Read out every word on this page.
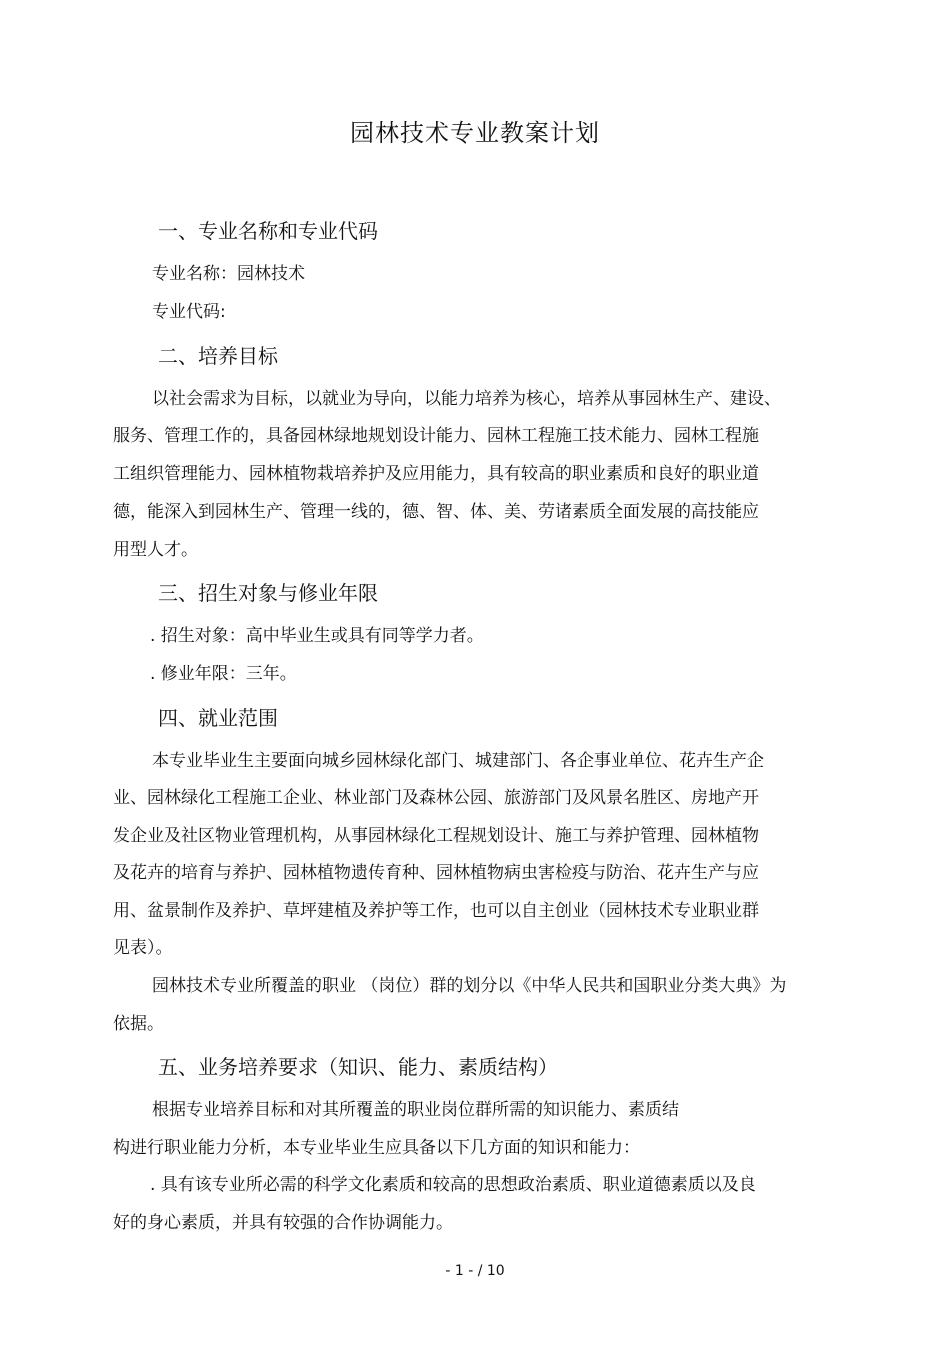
园林技术专业教案计划
一、专业名称和专业代码
专业名称：园林技术
专业代码:
二、培养目标
以社会需求为目标，以就业为导向，以能力培养为核心，培养从事园林生产、建设、
服务、管理工作的，具备园林绿地规划设计能力、园林工程施工技术能力、园林工程施
工组织管理能力、园林植物栽培养护及应用能力，具有较高的职业素质和良好的职业道
德，能深入到园林生产、管理一线的，德、智、体、美、劳诸素质全面发展的高技能应
用型人才。
三、招生对象与修业年限
. 招生对象：高中毕业生或具有同等学力者。
. 修业年限：三年。
四、就业范围
本专业毕业生主要面向城乡园林绿化部门、城建部门、各企事业单位、花卉生产企
业、园林绿化工程施工企业、林业部门及森林公园、旅游部门及风景名胜区、房地产开
发企业及社区物业管理机构，从事园林绿化工程规划设计、施工与养护管理、园林植物
及花卉的培育与养护、园林植物遗传育种、园林植物病虫害检疫与防治、花卉生产与应
用、盆景制作及养护、草坪建植及养护等工作，也可以自主创业（园林技术专业职业群
见表）。
园林技术专业所覆盖的职业 （岗位）群的划分以《中华人民共和国职业分类大典》为
依据。
五、业务培养要求（知识、能力、素质结构）
根据专业培养目标和对其所覆盖的职业岗位群所需的知识能力、素质结
构进行职业能力分析，本专业毕业生应具备以下几方面的知识和能力：
. 具有该专业所必需的科学文化素质和较高的思想政治素质、职业道德素质以及良
好的身心素质，并具有较强的合作协调能力。
- 1 - / 10
